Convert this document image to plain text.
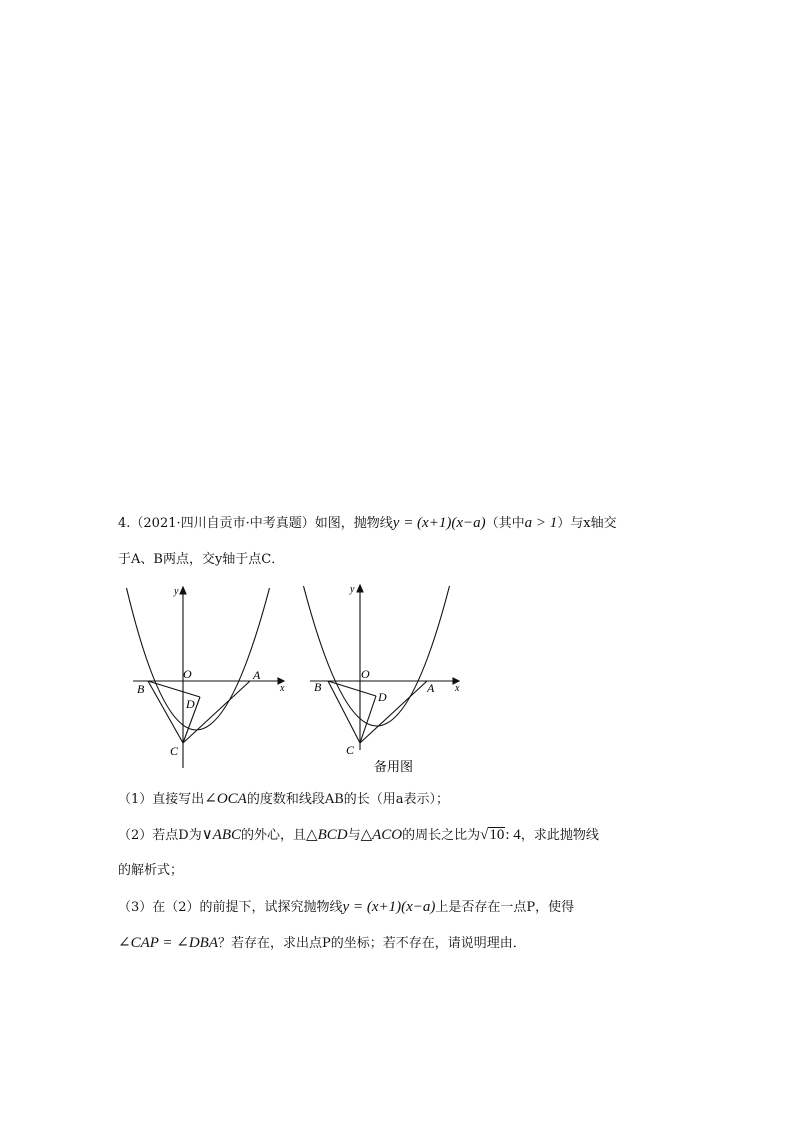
4.（2021·四川自贡市·中考真题）如图，抛物线y = (x+1)(x−a)（其中a > 1）与x轴交
于A、B两点，交y轴于点C．
y
x
O	A
B
D
C
y
x
O
A
B
D
C
备用图
（1）直接写出∠OCA的度数和线段AB的长（用a表示）；
（2）若点D为∨ABC的外心，且△BCD与△ACO的周长之比为√10: 4，求此抛物线
的解析式；
（3）在（2）的前提下，试探究抛物线y = (x+1)(x−a)上是否存在一点P，使得
∠CAP = ∠DBA？若存在，求出点P的坐标；若不存在，请说明理由．
